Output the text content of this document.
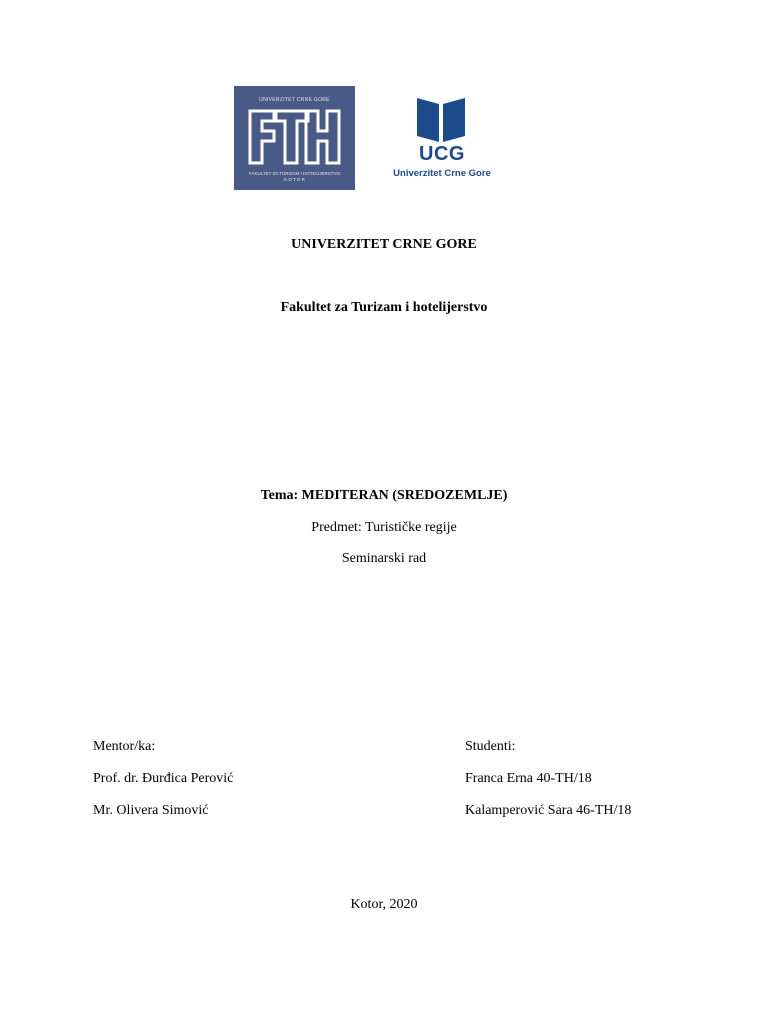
UNIVERZITET CRNE GORE
FAKULTET ZA TURIZAM I HOTELIJERSTVO
K O T O R
UCG
Univerzitet Crne Gore
UNIVERZITET CRNE GORE
Fakultet za Turizam i hotelijerstvo
Tema: MEDITERAN (SREDOZEMLJE)
Predmet: Turističke regije
Seminarski rad
Mentor/ka:
Prof. dr. Đurđica Perović
Mr. Olivera Simović
Studenti:
Franca Erna 40-TH/18
Kalamperović Sara 46-TH/18
Kotor, 2020
